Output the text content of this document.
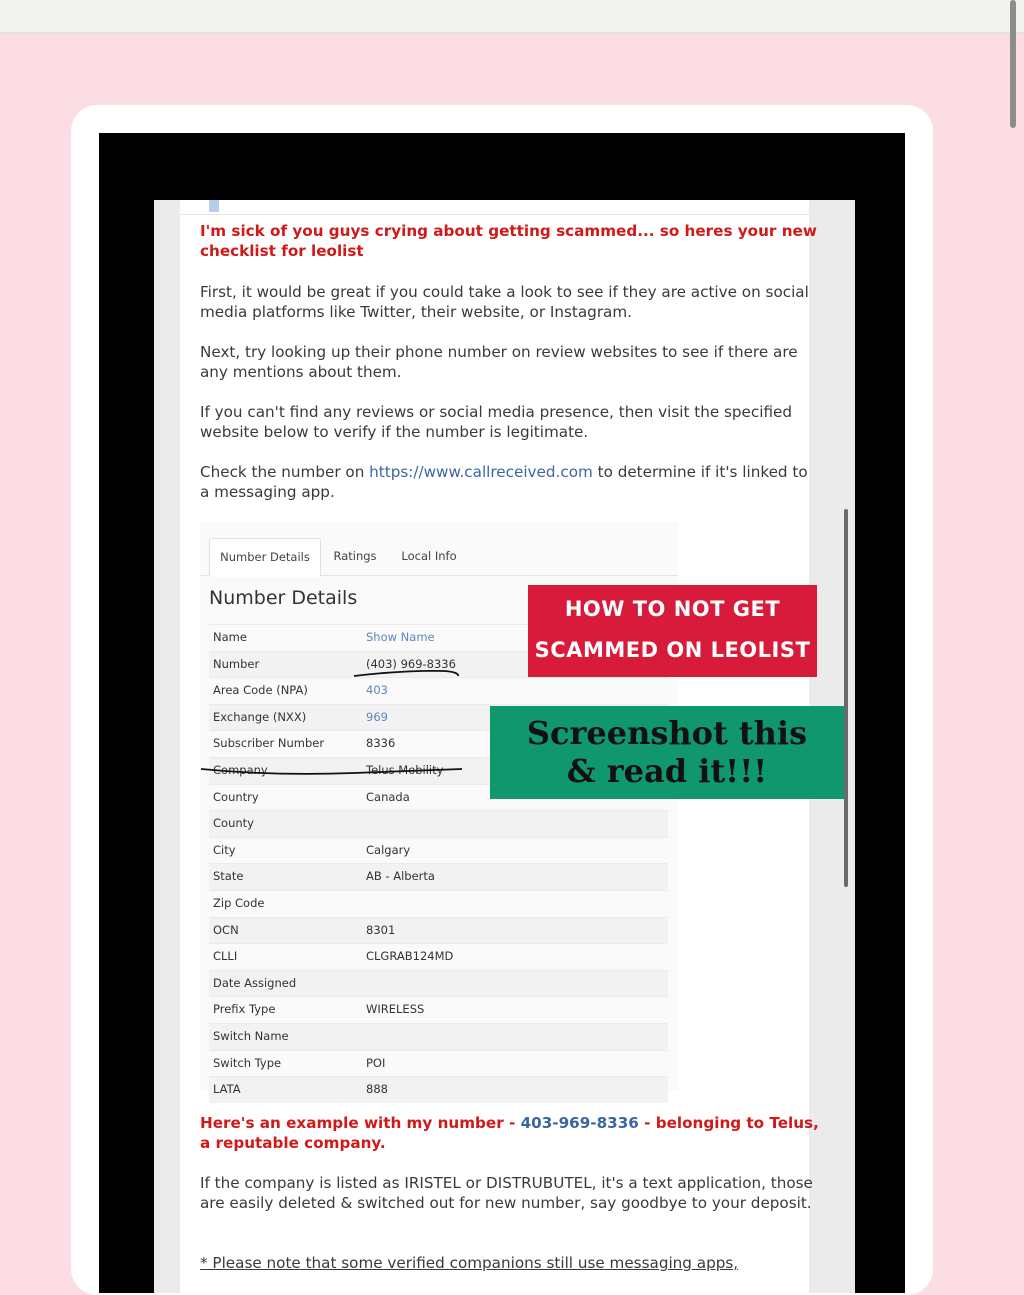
I'm sick of you guys crying about getting scammed... so heres your new checklist for leolist

First, it would be great if you could take a look to see if they are active on social media platforms like Twitter, their website, or Instagram.

Next, try looking up their phone number on review websites to see if there are any mentions about them.

If you can't find any reviews or social media presence, then visit the specified website below to verify if the number is legitimate.

Check the number on https://www.callreceived.com to determine if it's linked to a messaging app.

Here's an example with my number - 403-969-8336 - belonging to Telus, a reputable company.

If the company is listed as IRISTEL or DISTRUBUTEL, it's a text application, those are easily deleted & switched out for new number, say goodbye to your deposit.

* Please note that some verified companions still use messaging apps,

Number Details	Ratings	Local Info
Number Details
Name	Show Name
Number	(403) 969-8336
Area Code (NPA)	403
Exchange (NXX)	969
Subscriber Number	8336
Company	Telus Mobility
Country	Canada
County
City	Calgary
State	AB - Alberta
Zip Code
OCN	8301
CLLI	CLGRAB124MD
Date Assigned
Prefix Type	WIRELESS
Switch Name
Switch Type	POI
LATA	888
HOW TO NOT GET
SCAMMED ON LEOLIST
Screenshot this
& read it!!!
